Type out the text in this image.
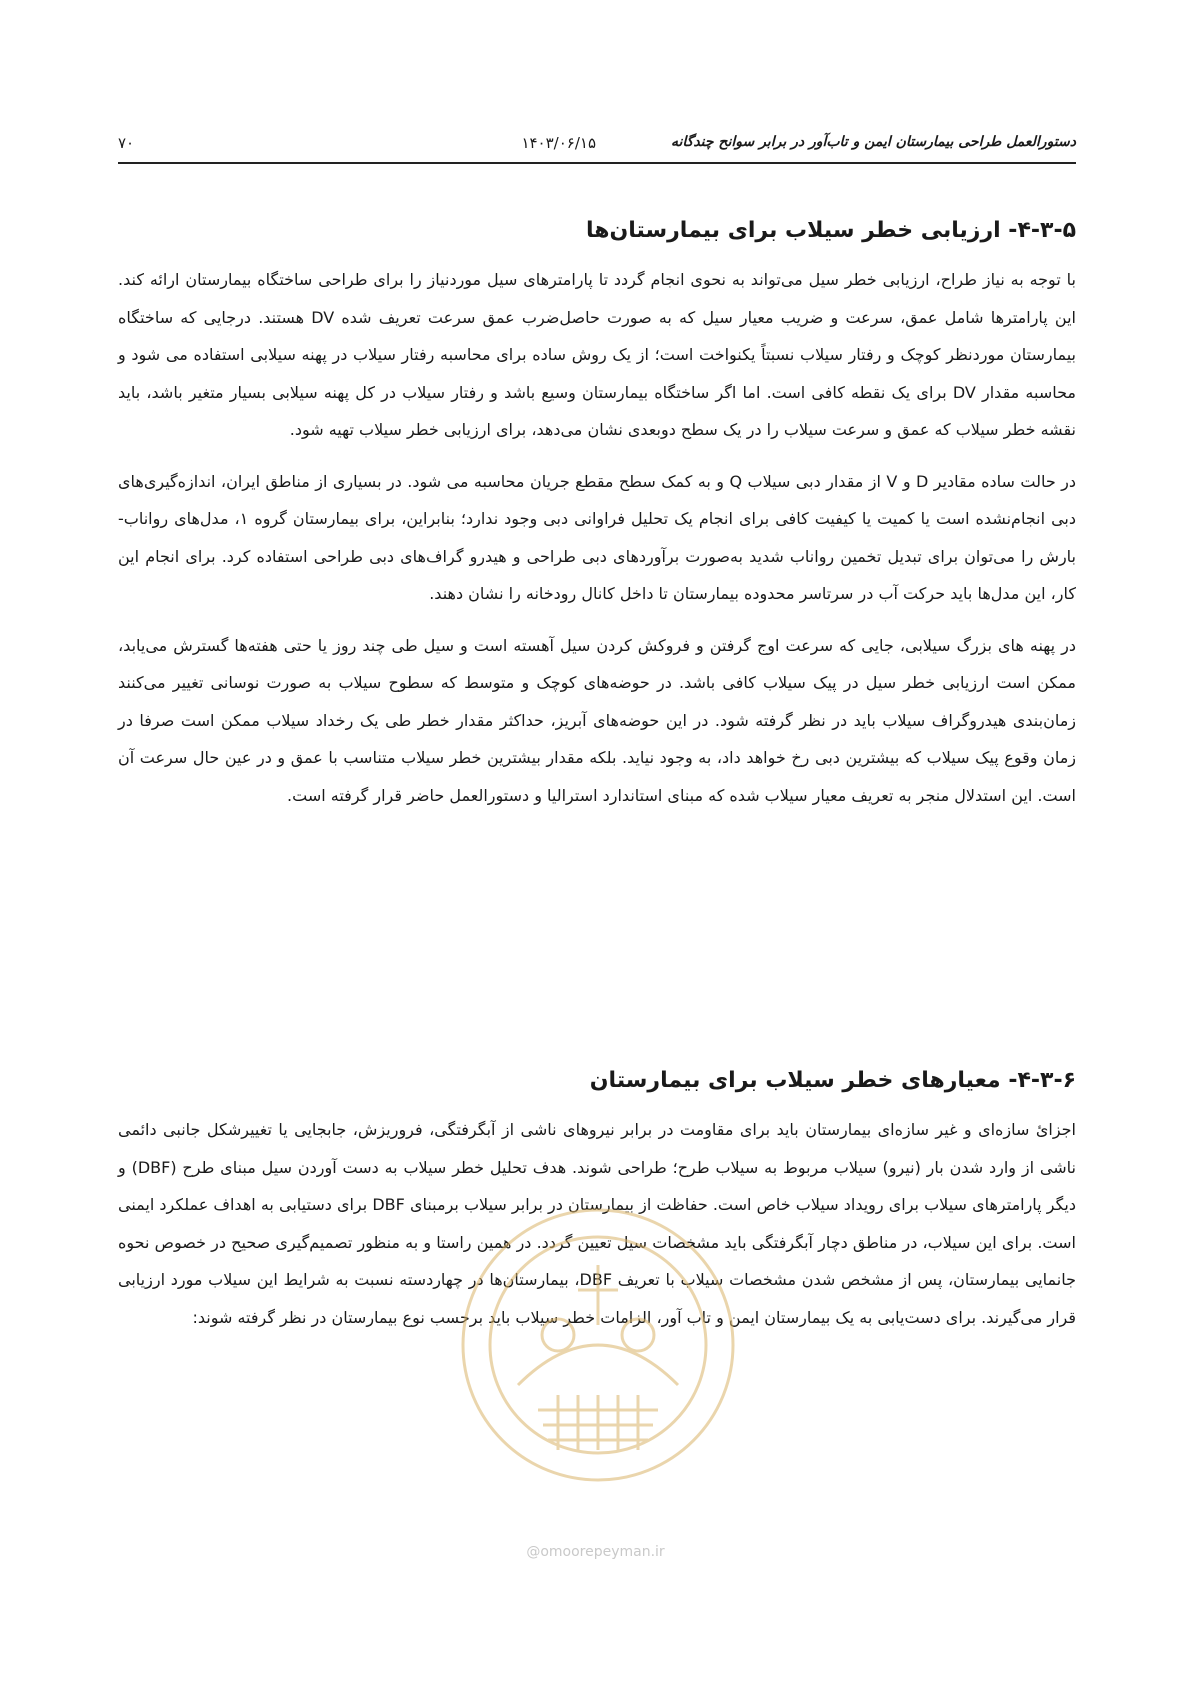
دستورالعمل طراحی بیمارستان ایمن و تاب‌آور در برابر سوانح چندگانه
۱۴۰۳/۰۶/۱۵
۷۰
۴-۳-۵- ارزیابی خطر سیلاب برای بیمارستان‌ها

با توجه به نیاز طراح، ارزیابی خطر سیل می‌تواند به نحوی انجام گردد تا پارامترهای سیل موردنیاز را برای طراحی ساختگاه بیمارستان ارائه کند. این پارامترها شامل عمق، سرعت و ضریب معیار سیل که به صورت حاصل‌ضرب عمق سرعت تعریف شده DV هستند. درجایی که ساختگاه بیمارستان موردنظر کوچک و رفتار سیلاب نسبتاً یکنواخت است؛ از یک روش ساده برای محاسبه رفتار سیلاب در پهنه سیلابی استفاده می شود و محاسبه مقدار DV برای یک نقطه کافی است. اما اگر ساختگاه بیمارستان وسیع باشد و رفتار سیلاب در کل پهنه سیلابی بسیار متغیر باشد، باید نقشه خطر سیلاب که عمق و سرعت سیلاب را در یک سطح دوبعدی نشان می‌دهد، برای ارزیابی خطر سیلاب تهیه شود.

در حالت ساده مقادیر D و V از مقدار دبی سیلاب Q و به کمک سطح مقطع جریان محاسبه می شود. در بسیاری از مناطق ایران، اندازه‌گیری‌های دبی انجام‌نشده است یا کمیت یا کیفیت کافی برای انجام یک تحلیل فراوانی دبی وجود ندارد؛ بنابراین، برای بیمارستان گروه ۱، مدل‌های رواناب-بارش را می‌توان برای تبدیل تخمین رواناب شدید به‌صورت برآوردهای دبی طراحی و هیدرو گراف‌های دبی طراحی استفاده کرد. برای انجام این کار، این مدل‌ها باید حرکت آب در سرتاسر محدوده بیمارستان تا داخل کانال رودخانه را نشان دهند.

در پهنه های بزرگ سیلابی، جایی که سرعت اوج گرفتن و فروکش کردن سیل آهسته است و سیل طی چند روز یا حتی هفته‌ها گسترش می‌یابد، ممکن است ارزیابی خطر سیل در پیک سیلاب کافی باشد. در حوضه‌های کوچک و متوسط که سطوح سیلاب به صورت نوسانی تغییر می‌کنند زمان‌بندی هیدروگراف سیلاب باید در نظر گرفته شود. در این حوضه‌های آبریز، حداکثر مقدار خطر طی یک رخداد سیلاب ممکن است صرفا در زمان وقوع پیک سیلاب که بیشترین دبی رخ خواهد داد، به وجود نیاید. بلکه مقدار بیشترین خطر سیلاب متناسب با عمق و در عین حال سرعت آن است. این استدلال منجر به تعریف معیار سیلاب شده که مبنای استاندارد استرالیا و دستورالعمل حاضر قرار گرفته است.

۴-۳-۶- معیارهای خطر سیلاب برای بیمارستان

اجزائ سازه‌ای و غیر سازه‌ای بیمارستان باید برای مقاومت در برابر نیروهای ناشی از آبگرفتگی، فروریزش، جابجایی یا تغییرشکل جانبی دائمی ناشی از وارد شدن بار (نیرو) سیلاب مربوط به سیلاب طرح؛ طراحی شوند. هدف تحلیل خطر سیلاب به دست آوردن سیل مبنای طرح (DBF) و دیگر پارامترهای سیلاب برای رویداد سیلاب خاص است. حفاظت از بیمارستان در برابر سیلاب برمبنای DBF برای دستیابی به اهداف عملکرد ایمنی است. برای این سیلاب، در مناطق دچار آبگرفتگی باید مشخصات سیل تعیین گردد. در همین راستا و به منظور تصمیم‌گیری صحیح در خصوص نحوه جانمایی بیمارستان، پس از مشخص شدن مشخصات سیلاب با تعریف DBF، بیمارستان‌ها در چهاردسته نسبت به شرایط این سیلاب مورد ارزیابی قرار می‌گیرند. برای دست‌یابی به یک بیمارستان ایمن و تاب آور، الزامات خطر سیلاب باید برحسب نوع بیمارستان در نظر گرفته شوند:

@omoorepeyman.ir
